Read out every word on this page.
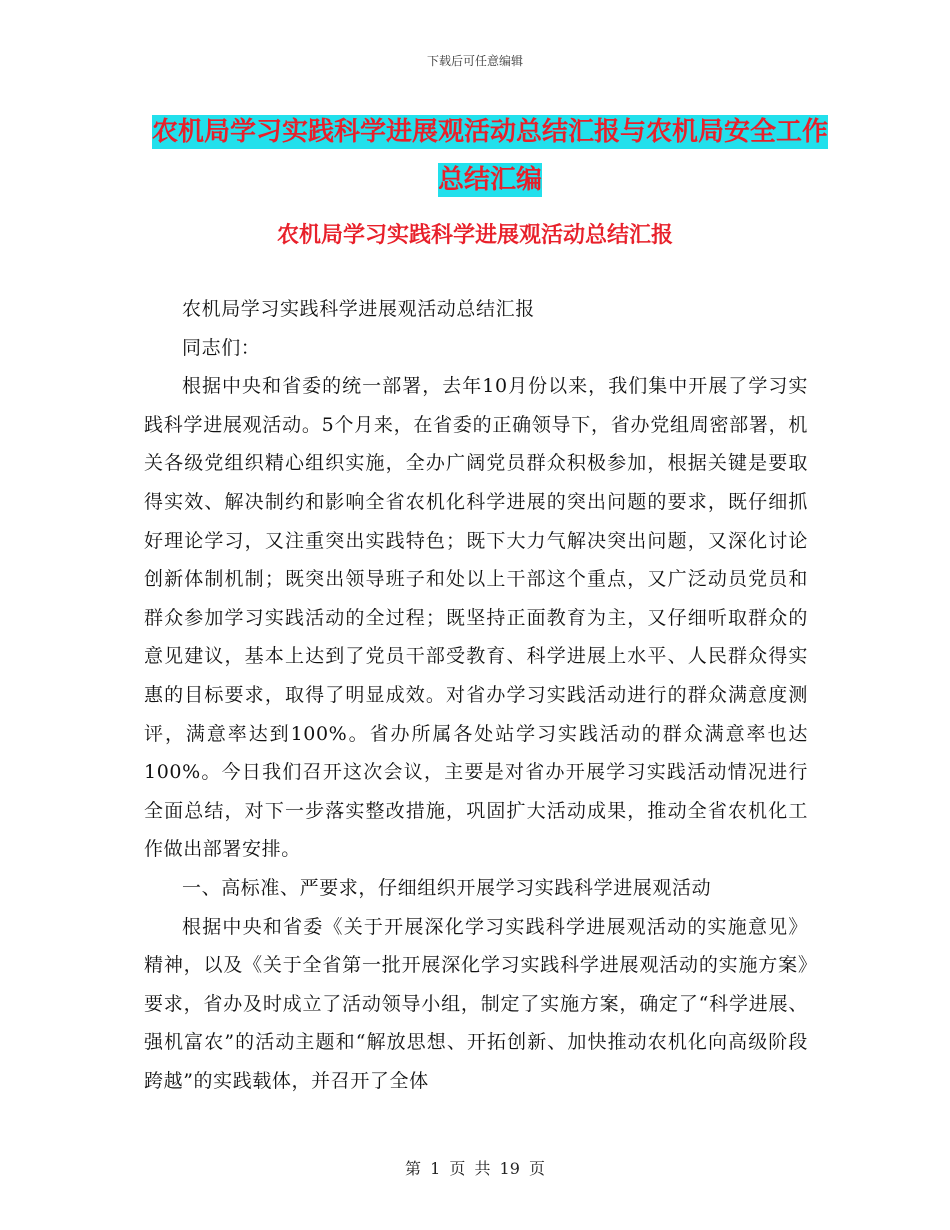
下载后可任意编辑
农机局学习实践科学进展观活动总结汇报与农机局安全工作总结汇编
农机局学习实践科学进展观活动总结汇报

农机局学习实践科学进展观活动总结汇报

同志们：

根据中央和省委的统一部署，去年10月份以来，我们集中开展了学习实践科学进展观活动。5个月来，在省委的正确领导下，省办党组周密部署，机关各级党组织精心组织实施，全办广阔党员群众积极参加，根据关键是要取得实效、解决制约和影响全省农机化科学进展的突出问题的要求，既仔细抓好理论学习，又注重突出实践特色；既下大力气解决突出问题，又深化讨论创新体制机制；既突出领导班子和处以上干部这个重点，又广泛动员党员和群众参加学习实践活动的全过程；既坚持正面教育为主，又仔细听取群众的意见建议，基本上达到了党员干部受教育、科学进展上水平、人民群众得实惠的目标要求，取得了明显成效。对省办学习实践活动进行的群众满意度测评，满意率达到100%。省办所属各处站学习实践活动的群众满意率也达100%。今日我们召开这次会议，主要是对省办开展学习实践活动情况进行全面总结，对下一步落实整改措施，巩固扩大活动成果，推动全省农机化工作做出部署安排。

一、高标准、严要求，仔细组织开展学习实践科学进展观活动

根据中央和省委《关于开展深化学习实践科学进展观活动的实施意见》精神，以及《关于全省第一批开展深化学习实践科学进展观活动的实施方案》要求，省办及时成立了活动领导小组，制定了实施方案，确定了“科学进展、强机富农”的活动主题和“解放思想、开拓创新、加快推动农机化向高级阶段跨越”的实践载体，并召开了全体

第 1 页 共 19 页
